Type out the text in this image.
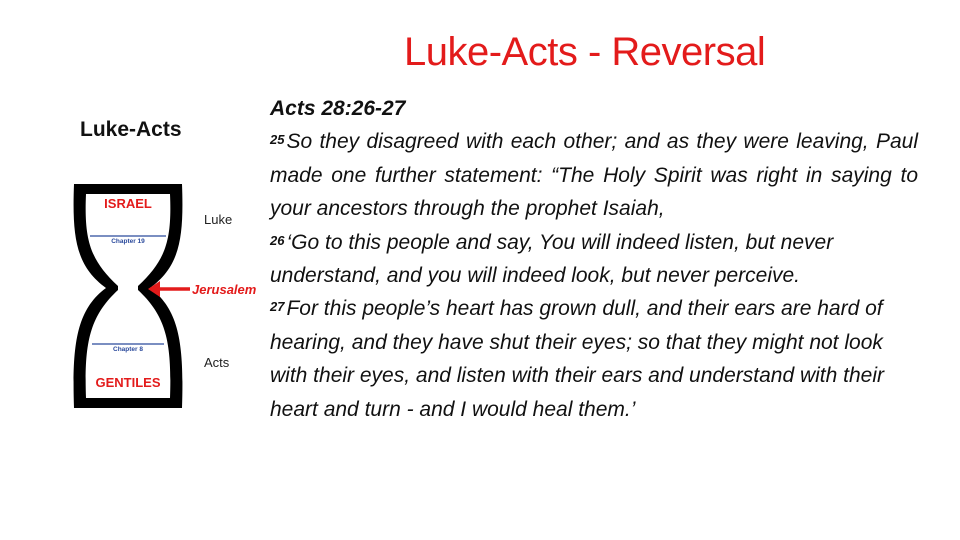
Luke-Acts - Reversal
Luke-Acts
ISRAEL
Chapter 19
Chapter 8
GENTILES
Luke
Acts
Jerusalem
Acts 28:26-27

$^{25}$So they disagreed with each other; and as they were leaving, Paul made one further statement: “The Holy Spirit was right in saying to your ancestors through the prophet Isaiah,

$^{26}$‘Go to this people and say, You will indeed listen, but never understand, and you will indeed look, but never perceive.

$^{27}$For this people’s heart has grown dull, and their ears are hard of hearing, and they have shut their eyes; so that they might not look with their eyes, and listen with their ears and understand with their heart and turn - and I would heal them.’
